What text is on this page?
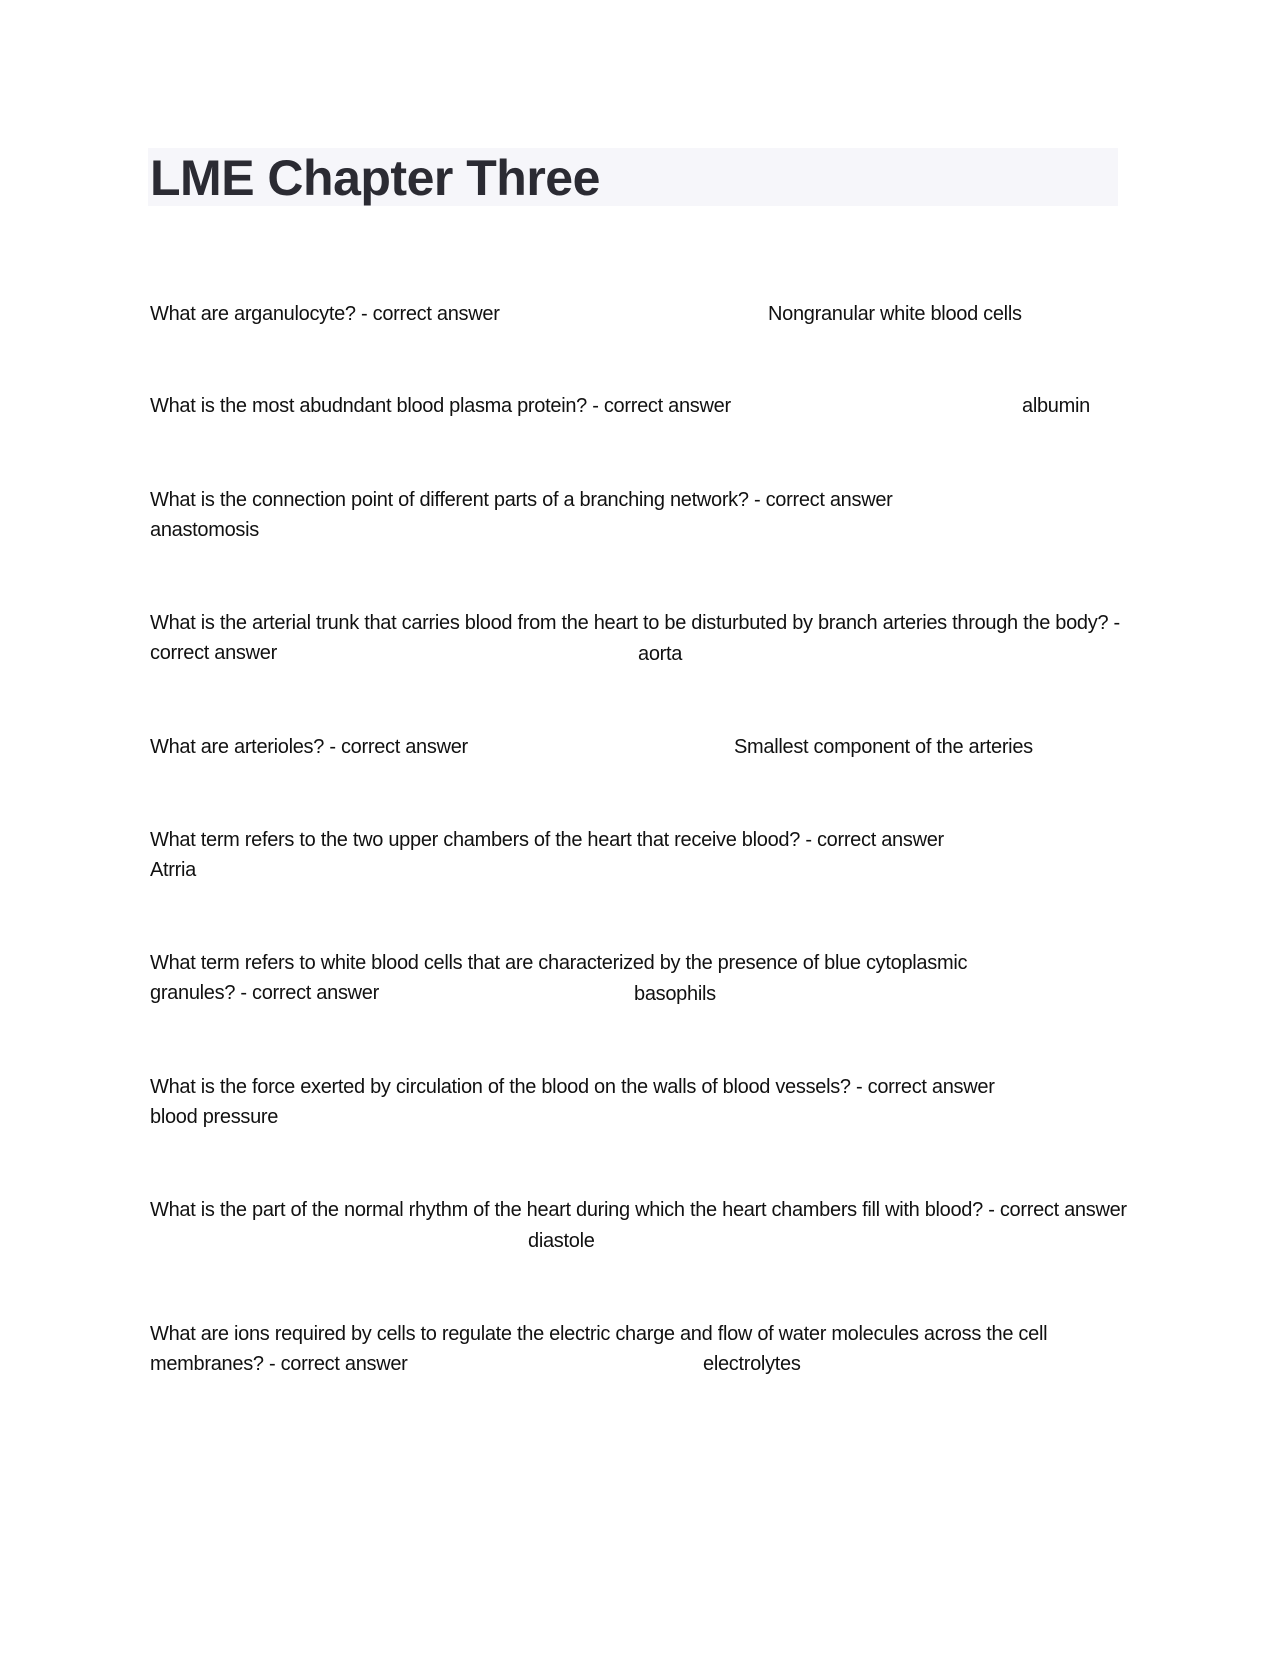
LME Chapter Three
What are arganulocyte? - correct answer	Nongranular white blood cells
What is the most abudndant blood plasma protein? - correct answer	albumin
What is the connection point of different parts of a branching network? - correct answer
anastomosis
What is the arterial trunk that carries blood from the heart to be disturbuted by branch arteries through the body? - correct answer	aorta
What are arterioles? - correct answer	Smallest component of the arteries
What term refers to the two upper chambers of the heart that receive blood? - correct answer
Atrria
What term refers to white blood cells that are characterized by the presence of blue cytoplasmic granules? - correct answer	basophils
What is the force exerted by circulation of the blood on the walls of blood vessels? - correct answer
blood pressure
What is the part of the normal rhythm of the heart during which the heart chambers fill with blood? - correct answer
diastole
What are ions required by cells to regulate the electric charge and flow of water molecules across the cell membranes? - correct answer	electrolytes
